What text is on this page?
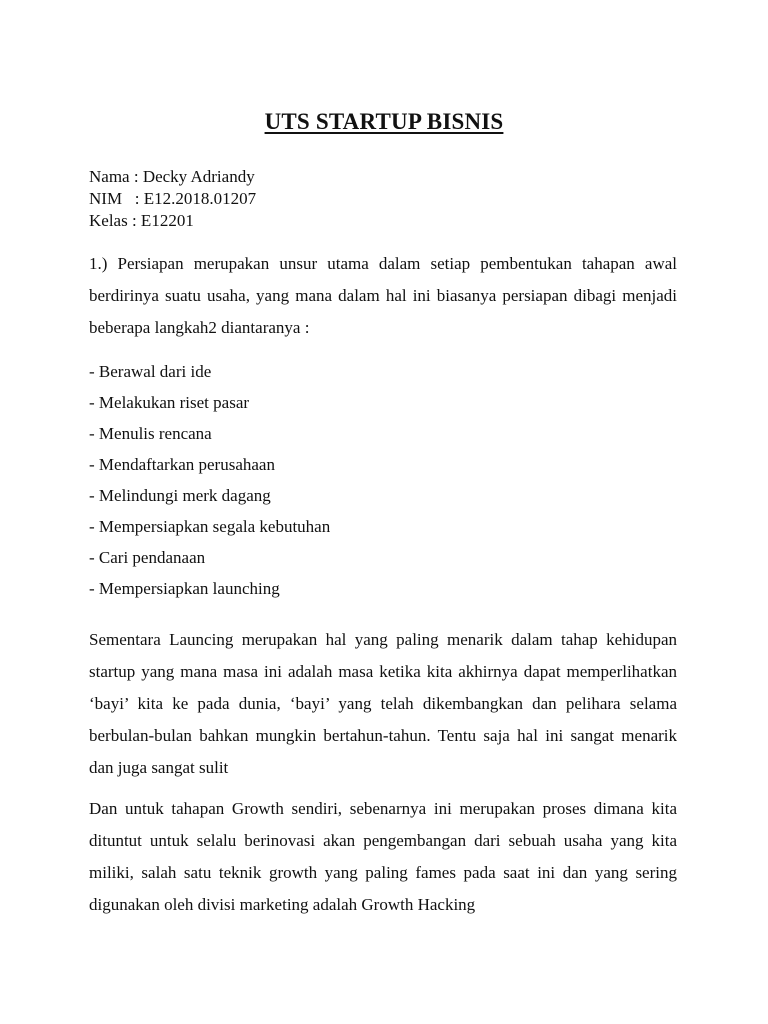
UTS STARTUP BISNIS
Nama : Decky Adriandy
NIM   : E12.2018.01207
Kelas : E12201
1.) Persiapan merupakan unsur utama dalam setiap pembentukan tahapan awal berdirinya suatu usaha, yang mana dalam hal ini biasanya persiapan dibagi menjadi beberapa langkah2 diantaranya :
- Berawal dari ide
- Melakukan riset pasar
- Menulis rencana
- Mendaftarkan perusahaan
- Melindungi merk dagang
- Mempersiapkan segala kebutuhan
- Cari pendanaan
- Mempersiapkan launching
Sementara Launcing merupakan hal yang paling menarik dalam tahap kehidupan startup yang mana masa ini adalah masa ketika kita akhirnya dapat memperlihatkan ‘bayi’ kita ke pada dunia, ‘bayi’ yang telah dikembangkan dan pelihara selama berbulan-bulan bahkan mungkin bertahun-tahun. Tentu saja hal ini sangat menarik dan juga sangat sulit
Dan untuk tahapan Growth sendiri, sebenarnya ini merupakan proses dimana kita dituntut untuk selalu berinovasi akan pengembangan dari sebuah usaha yang kita miliki, salah satu teknik growth yang paling fames pada saat ini dan yang sering digunakan oleh divisi marketing adalah Growth Hacking
